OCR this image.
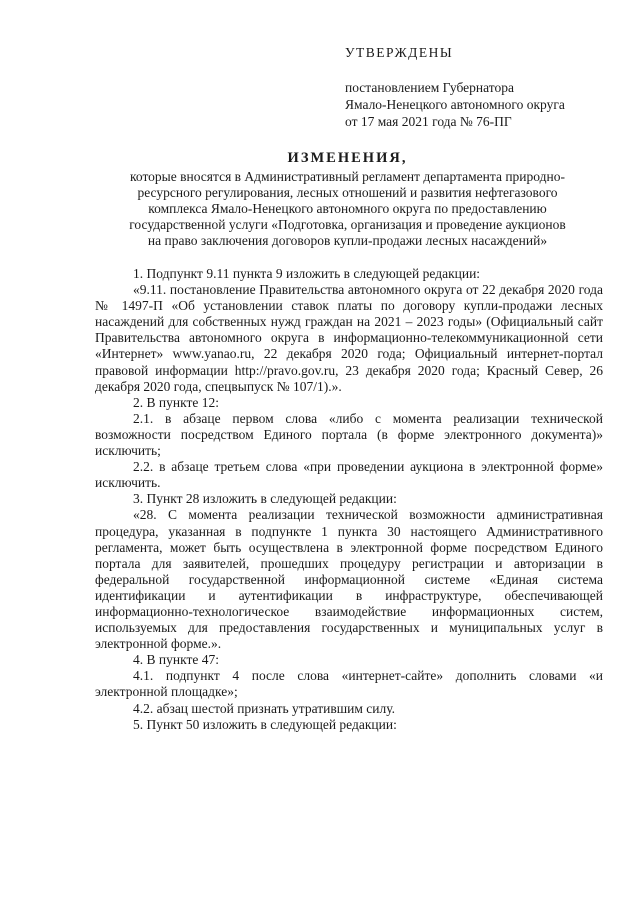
УТВЕРЖДЕНЫ
постановлением Губернатора
Ямало-Ненецкого автономного округа
от 17 мая 2021 года № 76-ПГ
ИЗМЕНЕНИЯ,
которые вносятся в Административный регламент департамента природно-
ресурсного регулирования, лесных отношений и развития нефтегазового
комплекса Ямало-Ненецкого автономного округа по предоставлению
государственной услуги «Подготовка, организация и проведение аукционов
на право заключения договоров купли-продажи лесных насаждений»

1. Подпункт 9.11 пункта 9 изложить в следующей редакции:

«9.11. постановление Правительства автономного округа от 22 декабря 2020 года № 1497-П «Об установлении ставок платы по договору купли-продажи лесных насаждений для собственных нужд граждан на 2021 – 2023 годы» (Официальный сайт Правительства автономного округа в информационно-телекоммуникационной сети «Интернет» www.yanao.ru, 22 декабря 2020 года; Официальный интернет-портал правовой информации http://pravo.gov.ru, 23 декабря 2020 года; Красный Север, 26 декабря 2020 года, спецвыпуск № 107/1).».

2. В пункте 12:

2.1. в абзаце первом слова «либо с момента реализации технической возможности посредством Единого портала (в форме электронного документа)» исключить;

2.2. в абзаце третьем слова «при проведении аукциона в электронной форме» исключить.

3. Пункт 28 изложить в следующей редакции:

«28. С момента реализации технической возможности административная процедура, указанная в подпункте 1 пункта 30 настоящего Административного регламента, может быть осуществлена в электронной форме посредством Единого портала для заявителей, прошедших процедуру регистрации и авторизации в федеральной государственной информационной системе «Единая система идентификации и аутентификации в инфраструктуре, обеспечивающей информационно-технологическое взаимодействие информационных систем, используемых для предоставления государственных и муниципальных услуг в электронной форме.».

4. В пункте 47:

4.1. подпункт 4 после слова «интернет-сайте» дополнить словами «и электронной площадке»;

4.2. абзац шестой признать утратившим силу.

5. Пункт 50 изложить в следующей редакции:
